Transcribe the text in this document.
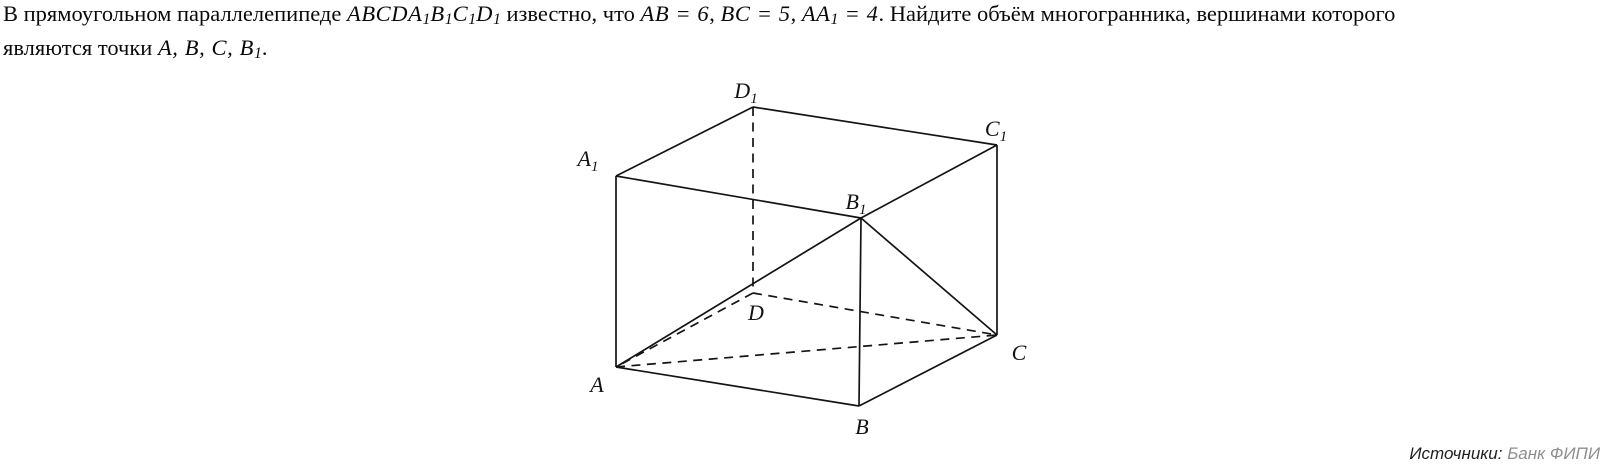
В прямоугольном параллелепипеде ABCDA1B1C1D1 известно, что AB = 6, BC = 5, AA1 = 4. Найдите объём многогранника, вершинами которого
являются точки A, B, C, B1.
$A_1$
$D_1$
$C_1$
$B_1$
A
B
C
D
Источники: Банк ФИПИ
